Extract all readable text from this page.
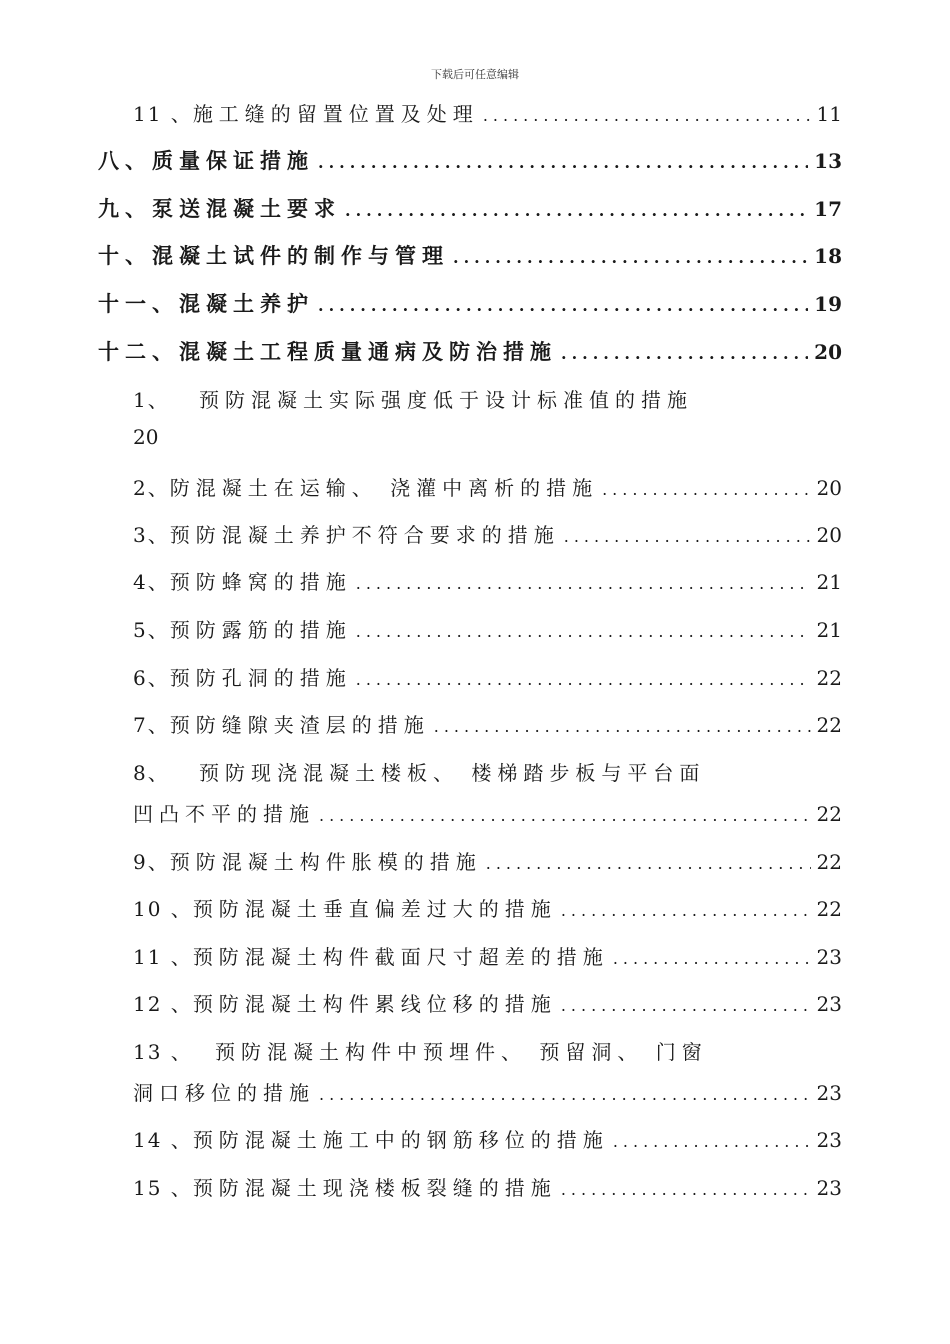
下载后可任意编辑
11 、 施工缝的留置位置及处理 .....	11
八、 质量保证措施 .....	13
九、 泵送混凝土要求 .....	17
十、 混凝土试件的制作与管理 .....	18
十一、 混凝土养护 .....	19
十二、 混凝土工程质量通病及防治措施 .....	20
1、	预防混凝土实际强度低于设计标准值的措施
20
2、 防混凝土在运输、 浇灌中离析的措施 .....	20
3、 预防混凝土养护不符合要求的措施 .....	20
4、 预防蜂窝的措施 .....	21
5、 预防露筋的措施 .....	21
6、 预防孔洞的措施 .....	22
7、 预防缝隙夹渣层的措施 .....	22
8、	预防现浇混凝土楼板、 楼梯踏步板与平台面
凹凸不平的措施 .....	22
9、 预防混凝土构件胀模的措施 .....	22
10 、 预防混凝土垂直偏差过大的措施 .....	22
11 、 预防混凝土构件截面尺寸超差的措施 .....	23
12 、 预防混凝土构件累线位移的措施 .....	23
13 、	预防混凝土构件中预埋件、 预留洞、 门窗
洞口移位的措施 .....	23
14 、 预防混凝土施工中的钢筋移位的措施 .....	23
15 、 预防混凝土现浇楼板裂缝的措施 .....	23
